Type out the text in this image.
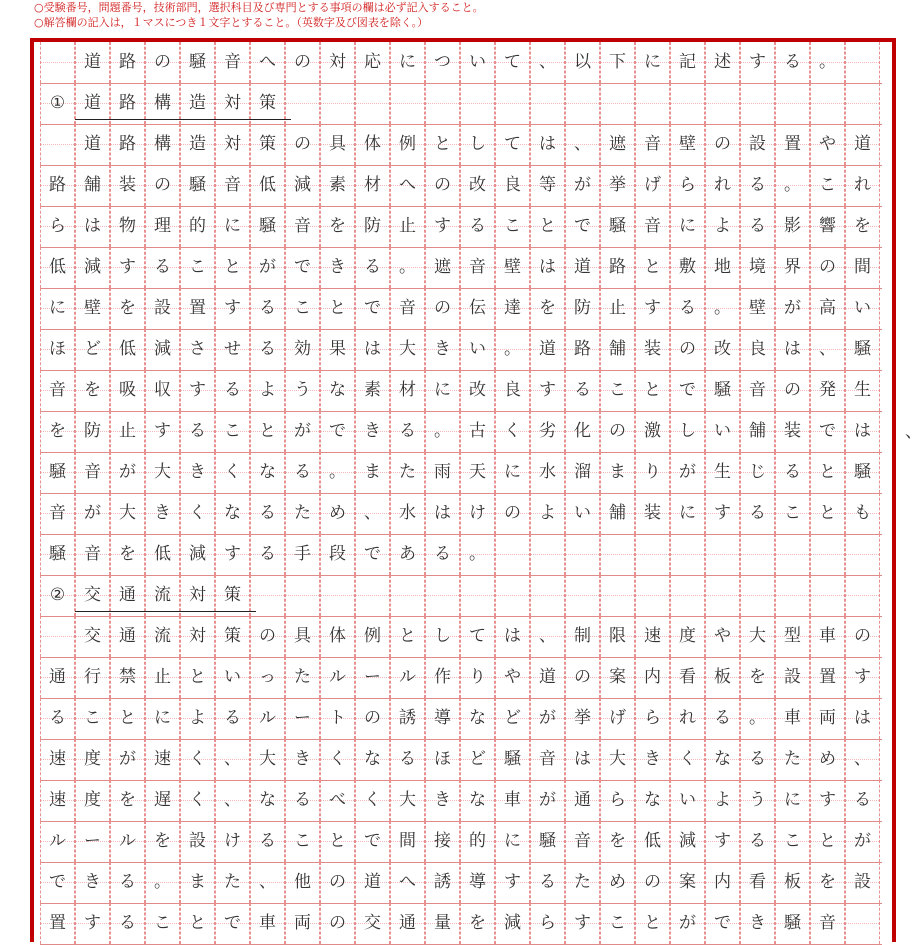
○受験番号，問題番号，技術部門，選択科目及び専門とする事項の欄は必ず記入すること。
○解答欄の記入は，１マスにつき１文字とすること。（英数字及び図表を除く。）
道	路	の	騒	音	へ	の	対	応	に	つ	い	て	、	以	下	に	記	述	す	る	。
①	道	路	構	造	対	策
道	路	構	造	対	策	の	具	体	例	と	し	て	は	、	遮	音	壁	の	設	置	や	道
路	舗	装	の	騒	音	低	減	素	材	へ	の	改	良	等	が	挙	げ	ら	れ	る	。	こ	れ
ら	は	物	理	的	に	騒	音	を	防	止	す	る	こ	と	で	騒	音	に	よ	る	影	響	を
低	減	す	る	こ	と	が	で	き	る	。	遮	音	壁	は	道	路	と	敷	地	境	界	の	間
に	壁	を	設	置	す	る	こ	と	で	音	の	伝	達	を	防	止	す	る	。	壁	が	高	い
ほ	ど	低	減	さ	せ	る	効	果	は	大	き	い	。	道	路	舗	装	の	改	良	は	、	騒
音	を	吸	収	す	る	よ	う	な	素	材	に	改	良	す	る	こ	と	で	騒	音	の	発	生
を	防	止	す	る	こ	と	が	で	き	る	。	古	く	劣	化	の	激	し	い	舗	装	で	は
騒	音	が	大	き	く	な	る	。	ま	た	雨	天	に	水	溜	ま	り	が	生	じ	る	と	騒
音	が	大	き	く	な	る	た	め	、	水	は	け	の	よ	い	舗	装	に	す	る	こ	と	も
騒	音	を	低	減	す	る	手	段	で	あ	る	。
②	交	通	流	対	策
交	通	流	対	策	の	具	体	例	と	し	て	は	、	制	限	速	度	や	大	型	車	の
通	行	禁	止	と	い	っ	た	ル	ー	ル	作	り	や	道	の	案	内	看	板	を	設	置	す
る	こ	と	に	よ	る	ル	ー	ト	の	誘	導	な	ど	が	挙	げ	ら	れ	る	。	車	両	は
速	度	が	速	く	、	大	き	く	な	る	ほ	ど	騒	音	は	大	き	く	な	る	た	め	、
速	度	を	遅	く	、	な	る	べ	く	大	き	な	車	が	通	ら	な	い	よ	う	に	す	る
ル	ー	ル	を	設	け	る	こ	と	で	間	接	的	に	騒	音	を	低	減	す	る	こ	と	が
で	き	る	。	ま	た	、	他	の	道	へ	誘	導	す	る	た	め	の	案	内	看	板	を	設
置	す	る	こ	と	で	車	両	の	交	通	量	を	減	ら	す	こ	と	が	で	き	騒	音
、
